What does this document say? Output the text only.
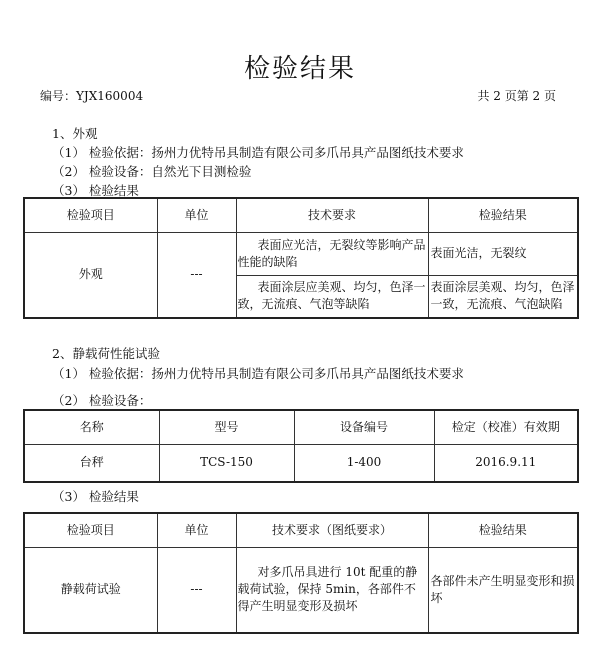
检验结果
编号：YJX160004	共 2 页第 2 页
1、外观
（1） 检验依据：扬州力优特吊具制造有限公司多爪吊具产品图纸技术要求
（2） 检验设备：自然光下目测检验
（3） 检验结果
检验项目	单位	技术要求	检验结果
外观	---	表面应光洁，无裂纹等影响产品性能的缺陷	表面光洁，无裂纹
		表面涂层应美观、均匀，色泽一致，无流痕、气泡等缺陷	表面涂层美观、均匀，色泽一致，无流痕、气泡缺陷
2、静载荷性能试验
（1） 检验依据：扬州力优特吊具制造有限公司多爪吊具产品图纸技术要求
（2） 检验设备：
名称	型号	设备编号	检定（校准）有效期
台秤	TCS-150	1-400	2016.9.11
（3） 检验结果
检验项目	单位	技术要求（图纸要求）	检验结果
静载荷试验	---	对多爪吊具进行 10t 配重的静载荷试验，保持 5min，各部件不得产生明显变形及损坏	各部件未产生明显变形和损坏
